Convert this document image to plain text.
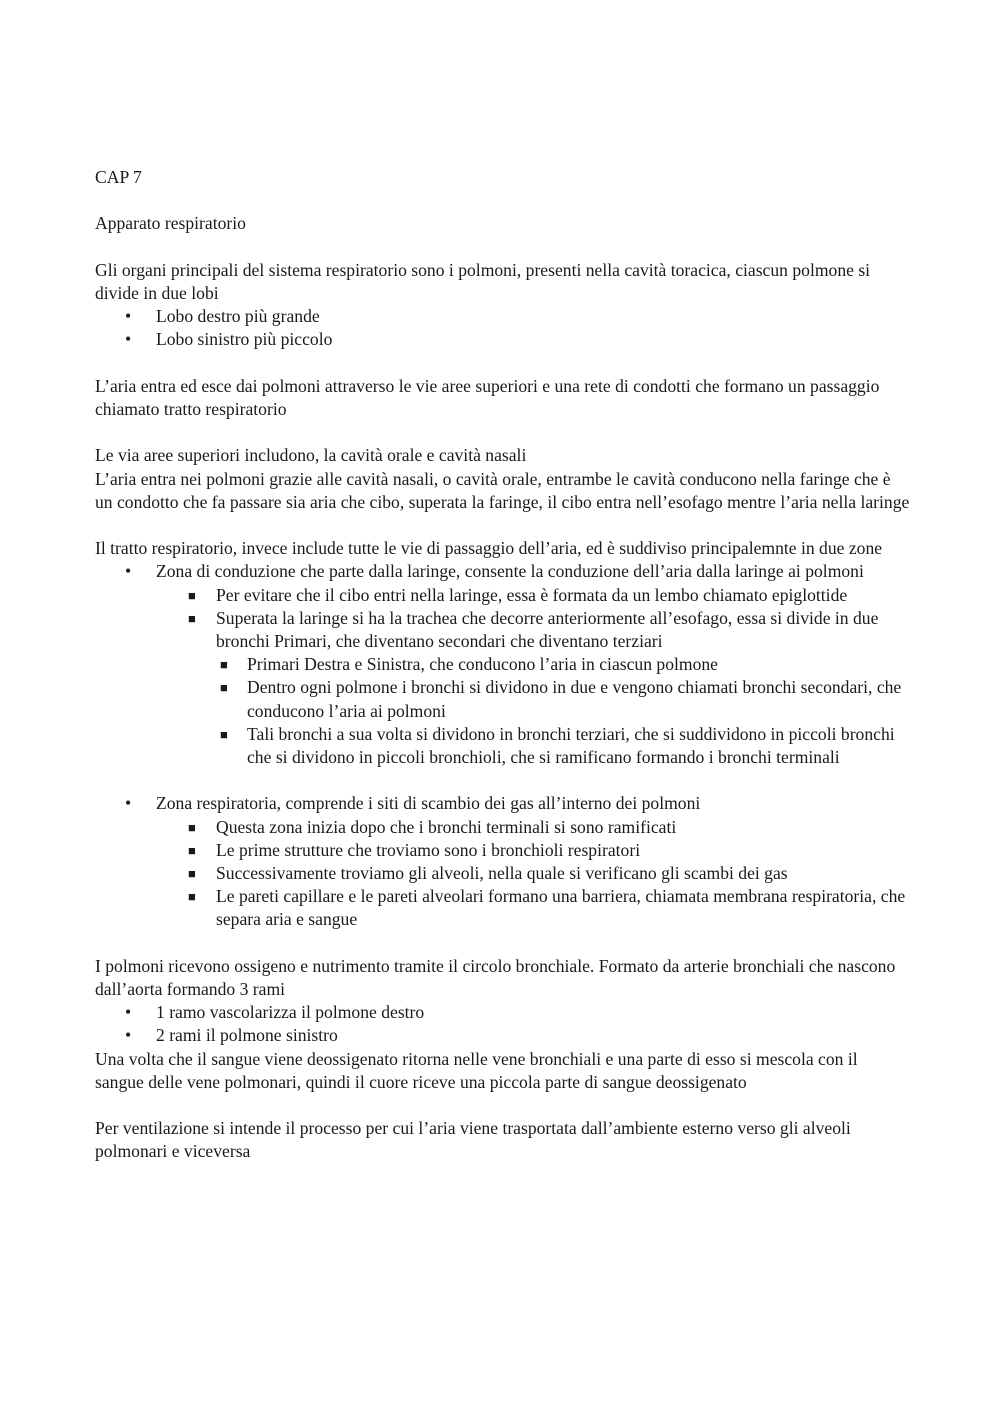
CAP 7

Apparato respiratorio

Gli organi principali del sistema respiratorio sono i polmoni, presenti nella cavità toracica, ciascun polmone si divide in due lobi

• Lobo destro più grande
• Lobo sinistro più piccolo

L’aria entra ed esce dai polmoni attraverso le vie aree superiori e una rete di condotti che formano un passaggio chiamato tratto respiratorio

Le via aree superiori includono, la cavità orale e cavità nasali

L’aria entra nei polmoni grazie alle cavità nasali, o cavità orale, entrambe le cavità conducono nella faringe che è un condotto che fa passare sia aria che cibo, superata la faringe, il cibo entra nell’esofago mentre l’aria nella laringe

Il tratto respiratorio, invece include tutte le vie di passaggio dell’aria, ed è suddiviso principalemnte in due zone

• Zona di conduzione che parte dalla laringe, consente la conduzione dell’aria dalla laringe ai polmoni
■ Per evitare che il cibo entri nella laringe, essa è formata da un lembo chiamato epiglottide
■ Superata la laringe si ha la trachea che decorre anteriormente all’esofago, essa si divide in due bronchi Primari, che diventano secondari che diventano terziari
■ Primari Destra e Sinistra, che conducono l’aria in ciascun polmone
■ Dentro ogni polmone i bronchi si dividono in due e vengono chiamati bronchi secondari, che conducono l’aria ai polmoni
■ Tali bronchi a sua volta si dividono in bronchi terziari, che si suddividono in piccoli bronchi che si dividono in piccoli bronchioli, che si ramificano formando i bronchi terminali
• Zona respiratoria, comprende i siti di scambio dei gas all’interno dei polmoni
■ Questa zona inizia dopo che i bronchi terminali si sono ramificati
■ Le prime strutture che troviamo sono i bronchioli respiratori
■ Successivamente troviamo gli alveoli, nella quale si verificano gli scambi dei gas
■ Le pareti capillare e le pareti alveolari formano una barriera, chiamata membrana respiratoria, che separa aria e sangue

I polmoni ricevono ossigeno e nutrimento tramite il circolo bronchiale. Formato da arterie bronchiali che nascono dall’aorta formando 3 rami

• 1 ramo vascolarizza il polmone destro
• 2 rami il polmone sinistro

Una volta che il sangue viene deossigenato ritorna nelle vene bronchiali e una parte di esso si mescola con il sangue delle vene polmonari, quindi il cuore riceve una piccola parte di sangue deossigenato

Per ventilazione si intende il processo per cui l’aria viene trasportata dall’ambiente esterno verso gli alveoli polmonari e viceversa
